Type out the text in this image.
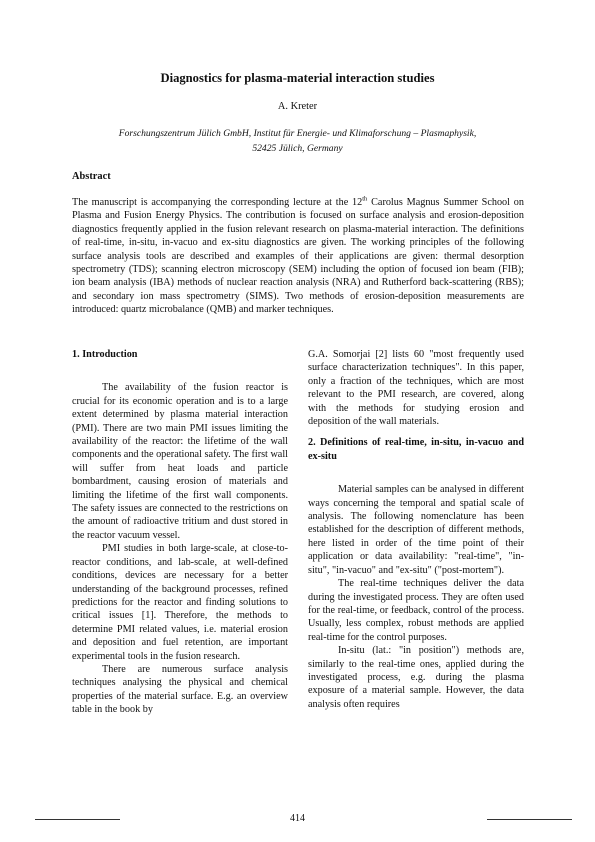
Diagnostics for plasma-material interaction studies
A. Kreter
Forschungszentrum Jülich GmbH, Institut für Energie- und Klimaforschung – Plasmaphysik,
52425 Jülich, Germany
Abstract
The manuscript is accompanying the corresponding lecture at the 12th Carolus Magnus Summer School on Plasma and Fusion Energy Physics. The contribution is focused on surface analysis and erosion-deposition diagnostics frequently applied in the fusion relevant research on plasma-material interaction. The definitions of real-time, in-situ, in-vacuo and ex-situ diagnostics are given. The working principles of the following surface analysis tools are described and examples of their applications are given: thermal desorption spectrometry (TDS); scanning electron microscopy (SEM) including the option of focused ion beam (FIB); ion beam analysis (IBA) methods of nuclear reaction analysis (NRA) and Rutherford back-scattering (RBS); and secondary ion mass spectrometry (SIMS). Two methods of erosion-deposition measurements are introduced: quartz microbalance (QMB) and marker techniques.
1. Introduction

The availability of the fusion reactor is crucial for its economic operation and is to a large extent determined by plasma material interaction (PMI). There are two main PMI issues limiting the availability of the reactor: the lifetime of the wall components and the operational safety. The first wall will suffer from heat loads and particle bombardment, causing erosion of materials and limiting the lifetime of the first wall components. The safety issues are connected to the restrictions on the amount of radioactive tritium and dust stored in the reactor vacuum vessel.

PMI studies in both large-scale, at close-to-reactor conditions, and lab-scale, at well-defined conditions, devices are necessary for a better understanding of the background processes, refined predictions for the reactor and finding solutions to critical issues [1]. Therefore, the methods to determine PMI related values, i.e. material erosion and deposition and fuel retention, are important experimental tools in the fusion research.

There are numerous surface analysis techniques analysing the physical and chemical properties of the material surface. E.g. an overview table in the book by

G.A. Somorjai [2] lists 60 "most frequently used surface characterization techniques". In this paper, only a fraction of the techniques, which are most relevant to the PMI research, are covered, along with the methods for studying erosion and deposition of the wall materials.

2. Definitions of real-time, in-situ, in-vacuo and ex-situ

Material samples can be analysed in different ways concerning the temporal and spatial scale of analysis. The following nomenclature has been established for the description of different methods, here listed in order of the time point of their application or data availability: "real-time", "in-situ", "in-vacuo" and "ex-situ" ("post-mortem").

The real-time techniques deliver the data during the investigated process. They are often used for the real-time, or feedback, control of the process. Usually, less complex, robust methods are applied real-time for the control purposes.

In-situ (lat.: "in position") methods are, similarly to the real-time ones, applied during the investigated process, e.g. during the plasma exposure of a material sample. However, the data analysis often requires

414
